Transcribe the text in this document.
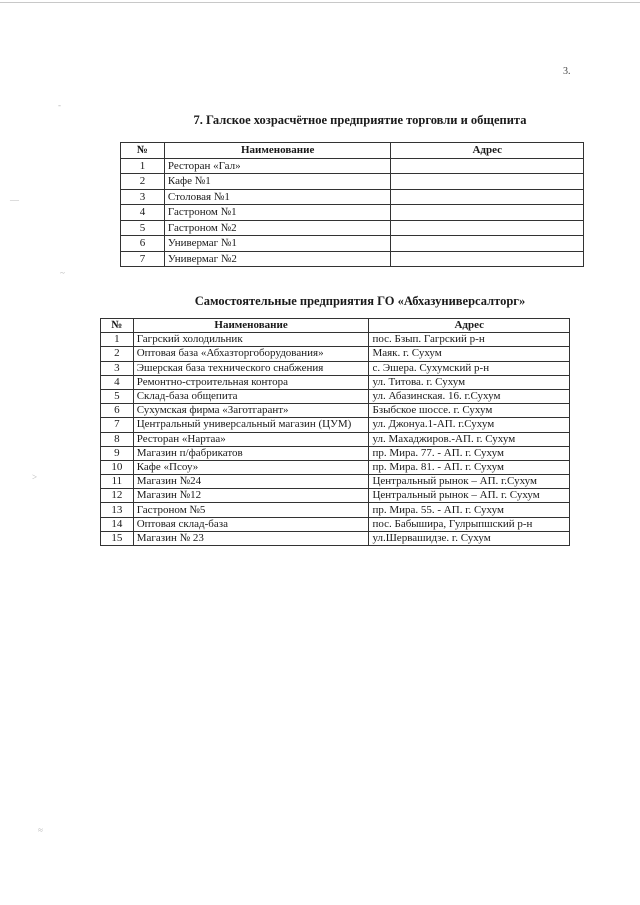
3.
-
—
~
>
≈
7. Галское хозрасчётное предприятие торговли и общепита
№	Наименование	Адрес
1	Ресторан «Гал»	
2	Кафе №1	
3	Столовая №1	
4	Гастроном №1	
5	Гастроном №2	
6	Универмаг №1	
7	Универмаг №2	
Самостоятельные предприятия ГО «Абхазуниверсалторг»
№	Наименование	Адрес
1	Гагрский холодильник	пос. Бзып. Гагрский р-н
2	Оптовая база «Абхазторгоборудования»	Маяк. г. Сухум
3	Эшерская база технического снабжения	с. Эшера. Сухумский р-н
4	Ремонтно-строительная контора	ул. Титова. г. Сухум
5	Склад-база общепита	ул. Абазинская. 16. г.Сухум
6	Сухумская фирма «Заготгарант»	Бзыбское шоссе. г. Сухум
7	Центральный универсальный магазин (ЦУМ)	ул. Джонуа.1-АП. г.Сухум
8	Ресторан «Нартаа»	ул. Махаджиров.-АП. г. Сухум
9	Магазин п/фабрикатов	пр. Мира. 77. - АП. г. Сухум
10	Кафе «Псоу»	пр. Мира. 81. - АП. г. Сухум
11	Магазин №24	Центральный рынок – АП. г.Сухум
12	Магазин №12	Центральный рынок – АП. г. Сухум
13	Гастроном №5	пр. Мира. 55. - АП. г. Сухум
14	Оптовая склад-база	пос. Бабышира, Гулрыпшский р-н
15	Магазин № 23	ул.Шервашидзе. г. Сухум
